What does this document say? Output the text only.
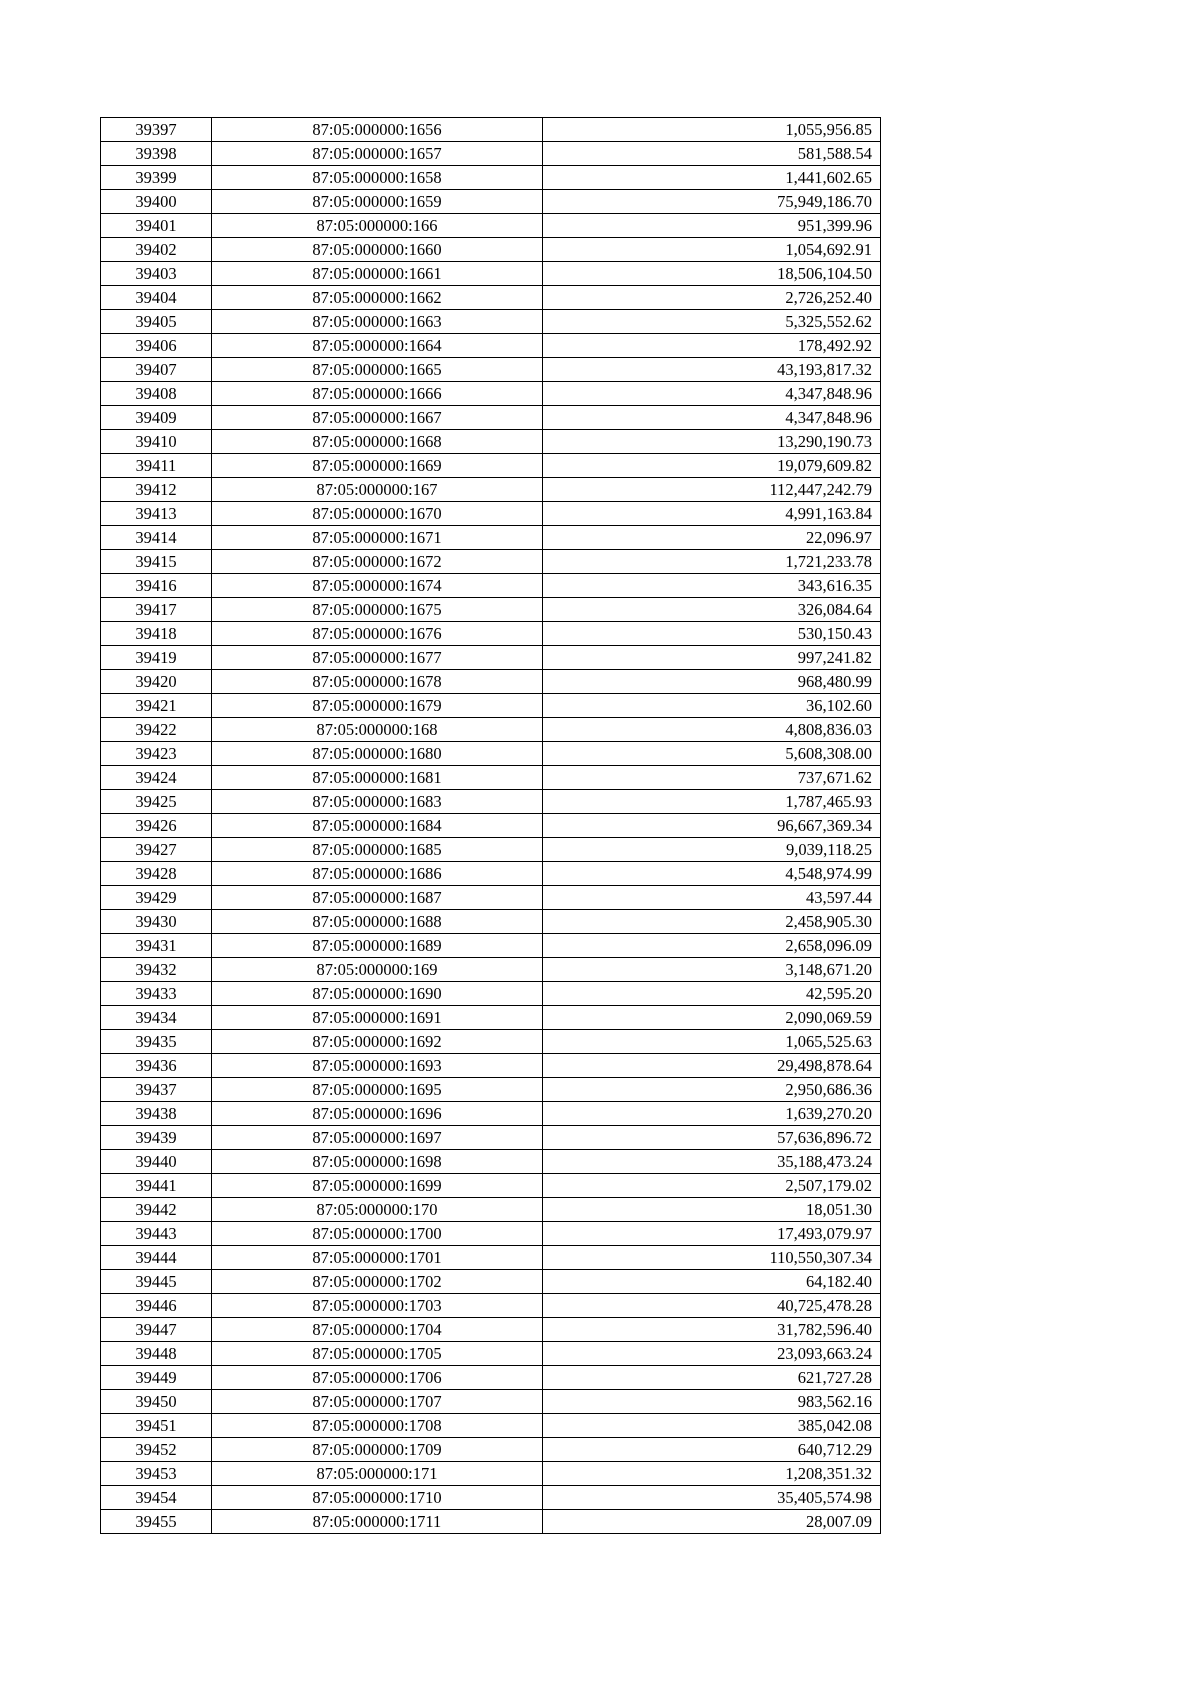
39397	87:05:000000:1656	1,055,956.85
39398	87:05:000000:1657	581,588.54
39399	87:05:000000:1658	1,441,602.65
39400	87:05:000000:1659	75,949,186.70
39401	87:05:000000:166	951,399.96
39402	87:05:000000:1660	1,054,692.91
39403	87:05:000000:1661	18,506,104.50
39404	87:05:000000:1662	2,726,252.40
39405	87:05:000000:1663	5,325,552.62
39406	87:05:000000:1664	178,492.92
39407	87:05:000000:1665	43,193,817.32
39408	87:05:000000:1666	4,347,848.96
39409	87:05:000000:1667	4,347,848.96
39410	87:05:000000:1668	13,290,190.73
39411	87:05:000000:1669	19,079,609.82
39412	87:05:000000:167	112,447,242.79
39413	87:05:000000:1670	4,991,163.84
39414	87:05:000000:1671	22,096.97
39415	87:05:000000:1672	1,721,233.78
39416	87:05:000000:1674	343,616.35
39417	87:05:000000:1675	326,084.64
39418	87:05:000000:1676	530,150.43
39419	87:05:000000:1677	997,241.82
39420	87:05:000000:1678	968,480.99
39421	87:05:000000:1679	36,102.60
39422	87:05:000000:168	4,808,836.03
39423	87:05:000000:1680	5,608,308.00
39424	87:05:000000:1681	737,671.62
39425	87:05:000000:1683	1,787,465.93
39426	87:05:000000:1684	96,667,369.34
39427	87:05:000000:1685	9,039,118.25
39428	87:05:000000:1686	4,548,974.99
39429	87:05:000000:1687	43,597.44
39430	87:05:000000:1688	2,458,905.30
39431	87:05:000000:1689	2,658,096.09
39432	87:05:000000:169	3,148,671.20
39433	87:05:000000:1690	42,595.20
39434	87:05:000000:1691	2,090,069.59
39435	87:05:000000:1692	1,065,525.63
39436	87:05:000000:1693	29,498,878.64
39437	87:05:000000:1695	2,950,686.36
39438	87:05:000000:1696	1,639,270.20
39439	87:05:000000:1697	57,636,896.72
39440	87:05:000000:1698	35,188,473.24
39441	87:05:000000:1699	2,507,179.02
39442	87:05:000000:170	18,051.30
39443	87:05:000000:1700	17,493,079.97
39444	87:05:000000:1701	110,550,307.34
39445	87:05:000000:1702	64,182.40
39446	87:05:000000:1703	40,725,478.28
39447	87:05:000000:1704	31,782,596.40
39448	87:05:000000:1705	23,093,663.24
39449	87:05:000000:1706	621,727.28
39450	87:05:000000:1707	983,562.16
39451	87:05:000000:1708	385,042.08
39452	87:05:000000:1709	640,712.29
39453	87:05:000000:171	1,208,351.32
39454	87:05:000000:1710	35,405,574.98
39455	87:05:000000:1711	28,007.09
